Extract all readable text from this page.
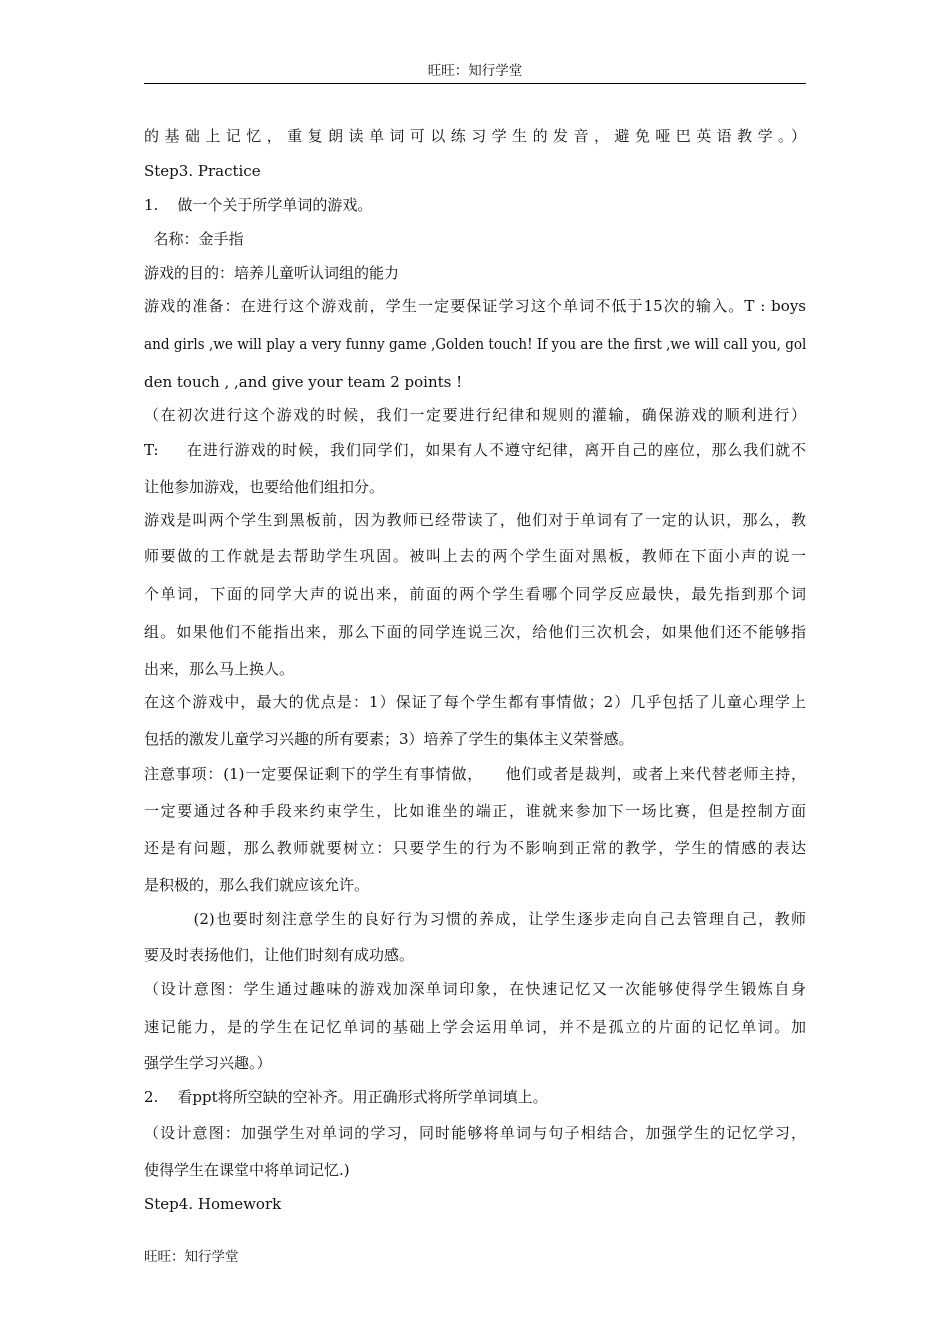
旺旺：知行学堂
的基础上记忆，重复朗读单词可以练习学生的发音，避免哑巴英语教学。）
Step3. Practice
1.    做一个关于所学单词的游戏。
名称：金手指
游戏的目的：培养儿童听认词组的能力
游戏的准备：在进行这个游戏前，学生一定要保证学习这个单词不低于15次的输入。T : boys
and girls ,we will play a very funny game ,Golden touch! If you are the first ,we will call you, gol
den touch , ,and give your team 2 points !
（在初次进行这个游戏的时候，我们一定要进行纪律和规则的灌输，确保游戏的顺利进行）
T:     在进行游戏的时候，我们同学们，如果有人不遵守纪律，离开自己的座位，那么我们就不
让他参加游戏，也要给他们组扣分。
游戏是叫两个学生到黑板前，因为教师已经带读了，他们对于单词有了一定的认识，那么，教
师要做的工作就是去帮助学生巩固。被叫上去的两个学生面对黑板，教师在下面小声的说一
个单词，下面的同学大声的说出来，前面的两个学生看哪个同学反应最快，最先指到那个词
组。如果他们不能指出来，那么下面的同学连说三次，给他们三次机会，如果他们还不能够指
出来，那么马上换人。
在这个游戏中，最大的优点是：1）保证了每个学生都有事情做；2）几乎包括了儿童心理学上
包括的激发儿童学习兴趣的所有要素；3）培养了学生的集体主义荣誉感。
注意事项：(1)一定要保证剩下的学生有事情做，    他们或者是裁判，或者上来代替老师主持，
一定要通过各种手段来约束学生，比如谁坐的端正，谁就来参加下一场比赛，但是控制方面
还是有问题，那么教师就要树立：只要学生的行为不影响到正常的教学，学生的情感的表达
是积极的，那么我们就应该允许。
(2)也要时刻注意学生的良好行为习惯的养成，让学生逐步走向自己去管理自己，教师
要及时表扬他们，让他们时刻有成功感。
（设计意图：学生通过趣味的游戏加深单词印象，在快速记忆又一次能够使得学生锻炼自身
速记能力，是的学生在记忆单词的基础上学会运用单词，并不是孤立的片面的记忆单词。加
强学生学习兴趣。）
2.    看ppt将所空缺的空补齐。用正确形式将所学单词填上。
（设计意图：加强学生对单词的学习，同时能够将单词与句子相结合，加强学生的记忆学习，
使得学生在课堂中将单词记忆.)
Step4. Homework
旺旺：知行学堂
